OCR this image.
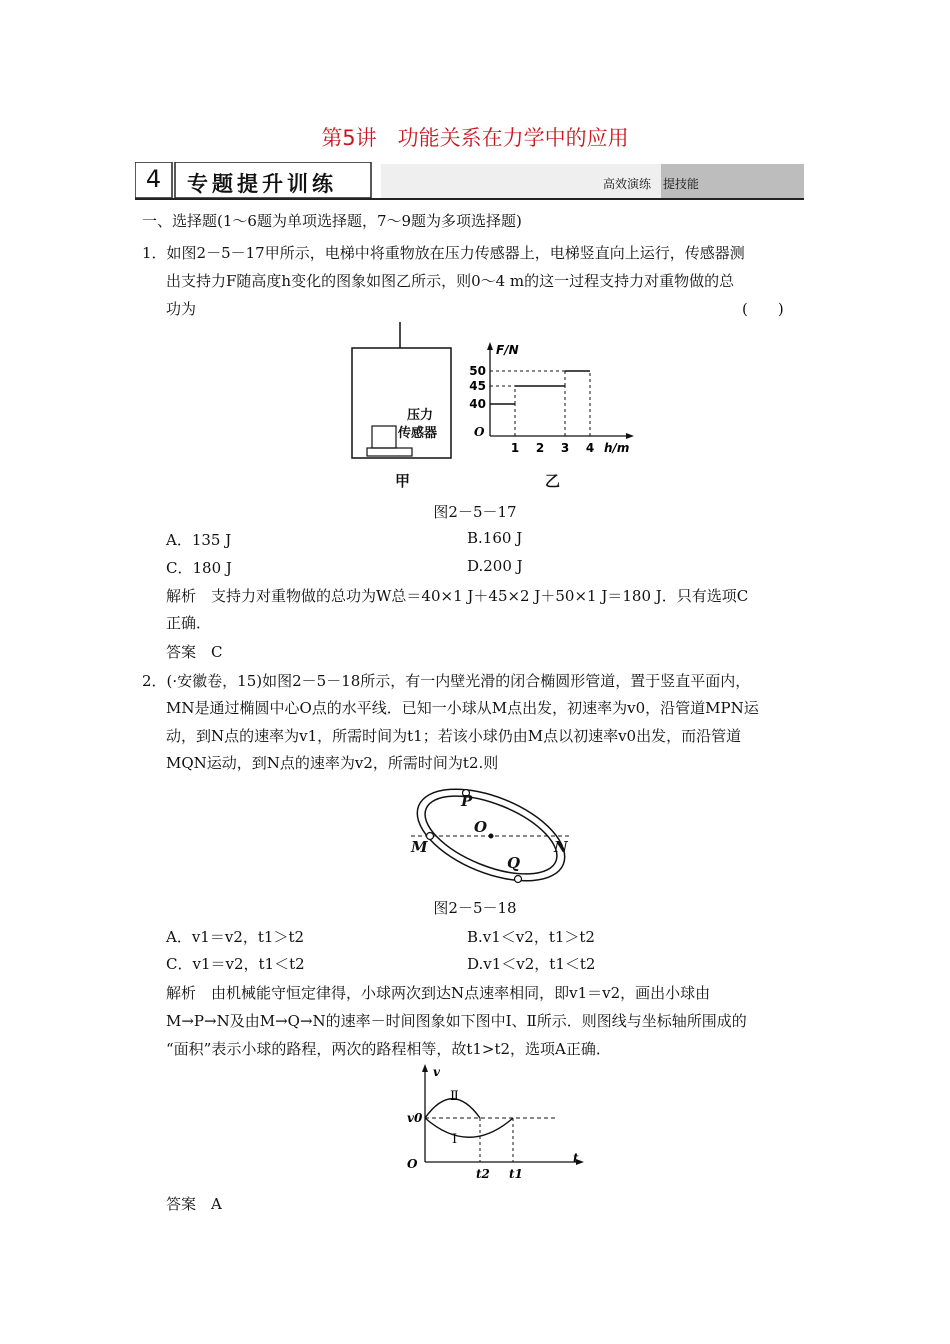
第5讲　功能关系在力学中的应用
4	专题提升训练	高效演练　提技能
一、选择题(1～6题为单项选择题，7～9题为多项选择题)
1．如图2－5－17甲所示，电梯中将重物放在压力传感器上，电梯竖直向上运行，传感器测
出支持力F随高度h变化的图象如图乙所示，则0～4 m的这一过程支持力对重物做的总
功为	(　　)
压力
传感器
甲
1 2 3 4
40
45
50
O
F/N
h/m
乙
图2－5－17
A．135 J	B.160 J
C．180 J	D.200 J
解析　支持力对重物做的总功为W总＝40×1 J＋45×2 J＋50×1 J＝180 J．只有选项C
正确．
答案　C
2．(·安徽卷，15)如图2－5－18所示，有一内壁光滑的闭合椭圆形管道，置于竖直平面内，
MN是通过椭圆中心O点的水平线．已知一小球从M点出发，初速率为v0，沿管道MPN运
动，到N点的速率为v1，所需时间为t1；若该小球仍由M点以初速率v0出发，而沿管道
MQN运动，到N点的速率为v2，所需时间为t2.则
P
O
M	N
Q
图2－5－18
A．v1＝v2，t1＞t2	B.v1＜v2，t1＞t2
C．v1＝v2，t1＜t2	D.v1＜v2，t1＜t2
解析　由机械能守恒定律得，小球两次到达N点速率相同，即v1＝v2，画出小球由
M→P→N及由M→Q→N的速率－时间图象如下图中Ⅰ、Ⅱ所示．则图线与坐标轴所围成的
“面积”表示小球的路程，两次的路程相等，故t1>t2，选项A正确．
v
t
O
v0
t2 t1
Ⅱ
Ⅰ
答案　A
